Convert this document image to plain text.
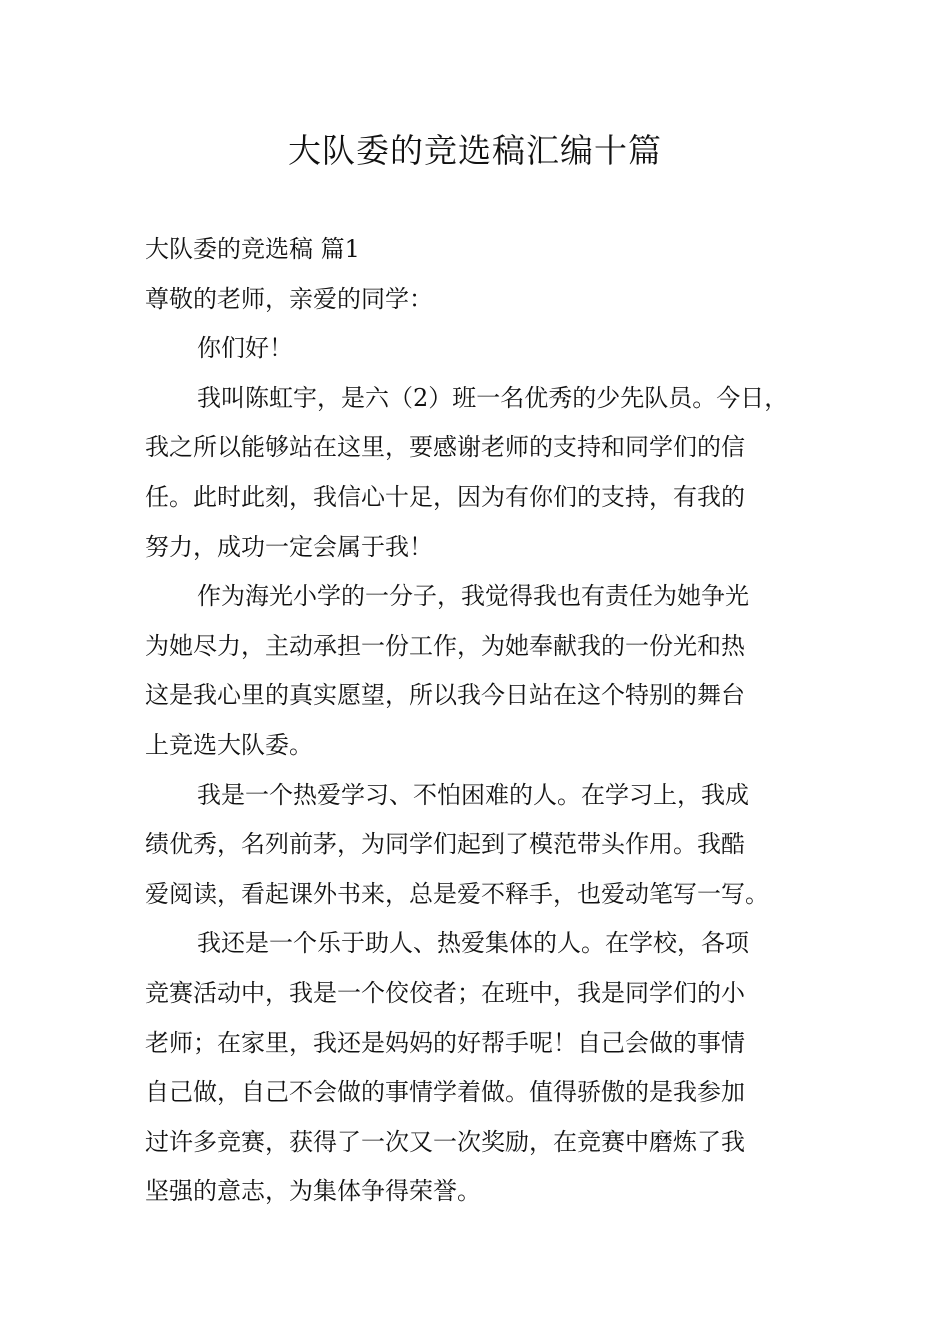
大队委的竞选稿汇编十篇
大队委的竞选稿 篇1
尊敬的老师，亲爱的同学：
你们好！
我叫陈虹宇，是六（2）班一名优秀的少先队员。今日，
我之所以能够站在这里，要感谢老师的支持和同学们的信
任。此时此刻，我信心十足，因为有你们的支持，有我的
努力，成功一定会属于我！
作为海光小学的一分子，我觉得我也有责任为她争光
为她尽力，主动承担一份工作，为她奉献我的一份光和热
这是我心里的真实愿望，所以我今日站在这个特别的舞台
上竞选大队委。
我是一个热爱学习、不怕困难的人。在学习上，我成
绩优秀，名列前茅，为同学们起到了模范带头作用。我酷
爱阅读，看起课外书来，总是爱不释手，也爱动笔写一写。
我还是一个乐于助人、热爱集体的人。在学校，各项
竞赛活动中，我是一个佼佼者；在班中，我是同学们的小
老师；在家里，我还是妈妈的好帮手呢！自己会做的事情
自己做，自己不会做的事情学着做。值得骄傲的是我参加
过许多竞赛，获得了一次又一次奖励，在竞赛中磨炼了我
坚强的意志，为集体争得荣誉。
